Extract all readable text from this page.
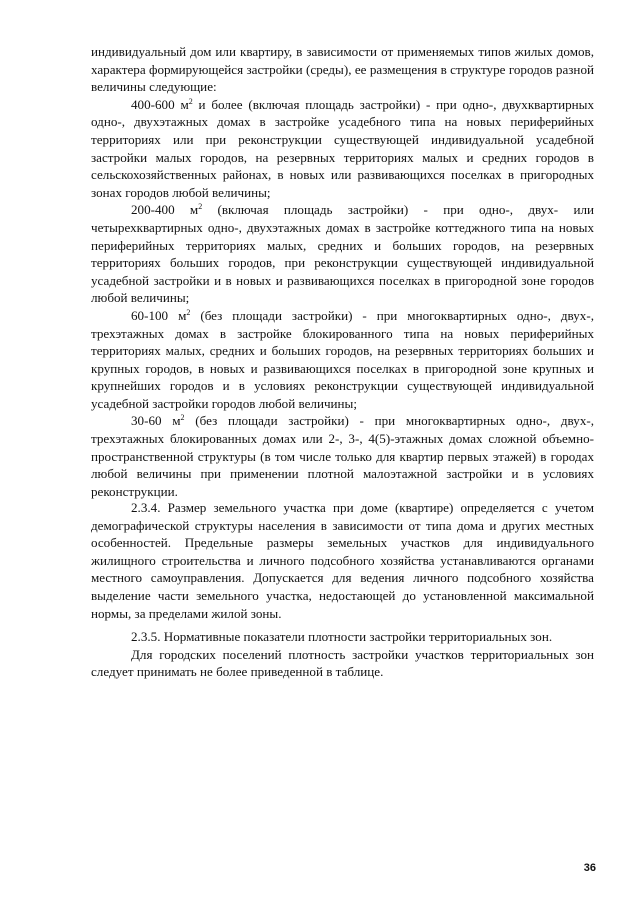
индивидуальный дом или квартиру, в зависимости от применяемых типов жилых домов, характера формирующейся застройки (среды), ее размещения в структуре городов разной величины следующие:

400-600 $м^2$ и более (включая площадь застройки) - при одно-, двухквартирных одно-, двухэтажных домах в застройке усадебного типа на новых периферийных территориях или при реконструкции существующей индивидуальной усадебной застройки малых городов, на резервных территориях малых и средних городов в сельскохозяйственных районах, в новых или развивающихся поселках в пригородных зонах городов любой величины;

200-400 $м^2$ (включая площадь застройки) - при одно-, двух- или четырехквартирных одно-, двухэтажных домах в застройке коттеджного типа на новых периферийных территориях малых, средних и больших городов, на резервных территориях больших городов, при реконструкции существующей индивидуальной усадебной застройки и в новых и развивающихся поселках в пригородной зоне городов любой величины;

60-100 $м^2$ (без площади застройки) - при многоквартирных одно-, двух-, трехэтажных домах в застройке блокированного типа на новых периферийных территориях малых, средних и больших городов, на резервных территориях больших и крупных городов, в новых и развивающихся поселках в пригородной зоне крупных и крупнейших городов и в условиях реконструкции существующей индивидуальной усадебной застройки городов любой величины;

30-60 $м^2$ (без площади застройки) - при многоквартирных одно-, двух-, трехэтажных блокированных домах или 2-, 3-, 4(5)-этажных домах сложной объемно-пространственной структуры (в том числе только для квартир первых этажей) в городах любой величины при применении плотной малоэтажной застройки и в условиях реконструкции.

2.3.4. Размер земельного участка при доме (квартире) определяется с учетом демографической структуры населения в зависимости от типа дома и других местных особенностей. Предельные размеры земельных участков для индивидуального жилищного строительства и личного подсобного хозяйства устанавливаются органами местного самоуправления. Допускается для ведения личного подсобного хозяйства выделение части земельного участка, недостающей до установленной максимальной нормы, за пределами жилой зоны.

2.3.5. Нормативные показатели плотности застройки территориальных зон.

Для городских поселений плотность застройки участков территориальных зон следует принимать не более приведенной в таблице.

36
